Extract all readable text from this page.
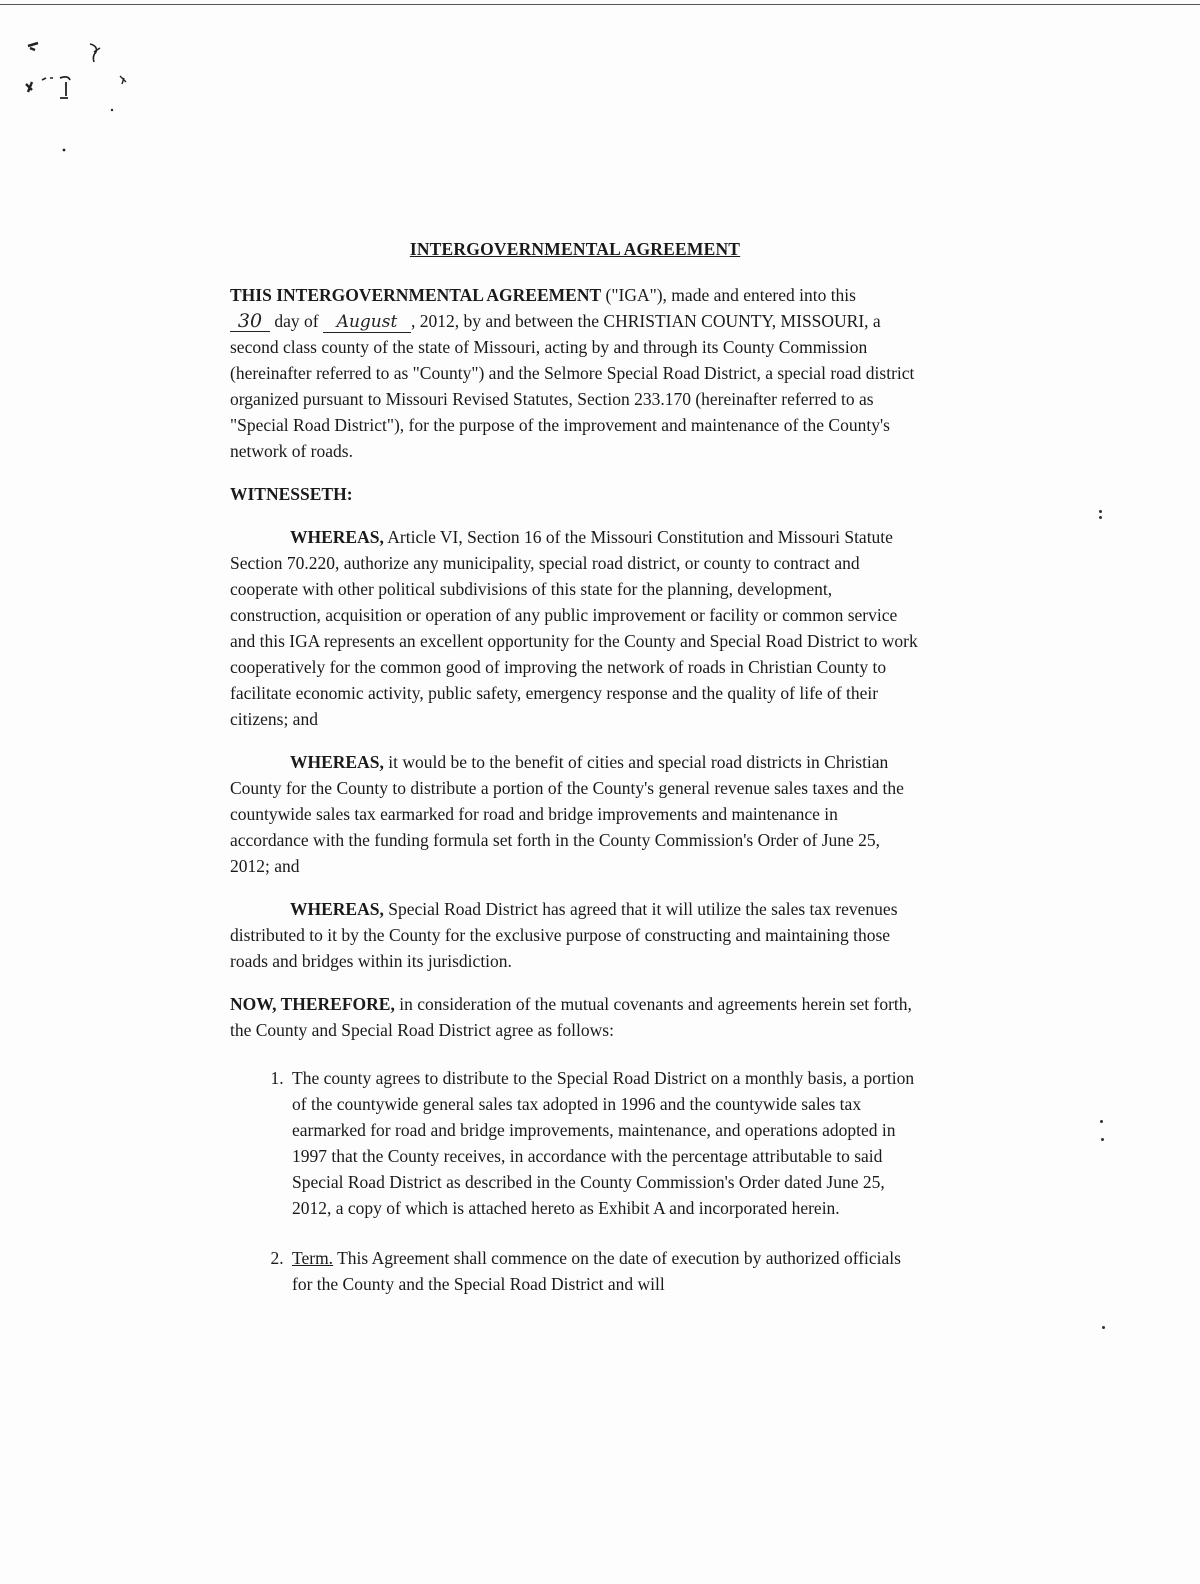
INTERGOVERNMENTAL AGREEMENT

THIS INTERGOVERNMENTAL AGREEMENT ("IGA"), made and entered into this
30 day of August , 2012, by and between the CHRISTIAN COUNTY, MISSOURI, a second class county of the state of Missouri, acting by and through its County Commission (hereinafter referred to as "County") and the Selmore Special Road District, a special road district organized pursuant to Missouri Revised Statutes, Section 233.170 (hereinafter referred to as "Special Road District"), for the purpose of the improvement and maintenance of the County's network of roads.

WITNESSETH:

WHEREAS, Article VI, Section 16 of the Missouri Constitution and Missouri Statute Section 70.220, authorize any municipality, special road district, or county to contract and cooperate with other political subdivisions of this state for the planning, development, construction, acquisition or operation of any public improvement or facility or common service and this IGA represents an excellent opportunity for the County and Special Road District to work cooperatively for the common good of improving the network of roads in Christian County to facilitate economic activity, public safety, emergency response and the quality of life of their citizens; and

WHEREAS, it would be to the benefit of cities and special road districts in Christian County for the County to distribute a portion of the County's general revenue sales taxes and the countywide sales tax earmarked for road and bridge improvements and maintenance in accordance with the funding formula set forth in the County Commission's Order of June 25, 2012; and

WHEREAS, Special Road District has agreed that it will utilize the sales tax revenues distributed to it by the County for the exclusive purpose of constructing and maintaining those roads and bridges within its jurisdiction.

NOW, THEREFORE, in consideration of the mutual covenants and agreements herein set forth, the County and Special Road District agree as follows:

1. The county agrees to distribute to the Special Road District on a monthly basis, a portion of the countywide general sales tax adopted in 1996 and the countywide sales tax earmarked for road and bridge improvements, maintenance, and operations adopted in 1997 that the County receives, in accordance with the percentage attributable to said Special Road District as described in the County Commission's Order dated June 25, 2012, a copy of which is attached hereto as Exhibit A and incorporated herein.
2. Term. This Agreement shall commence on the date of execution by authorized officials for the County and the Special Road District and will
